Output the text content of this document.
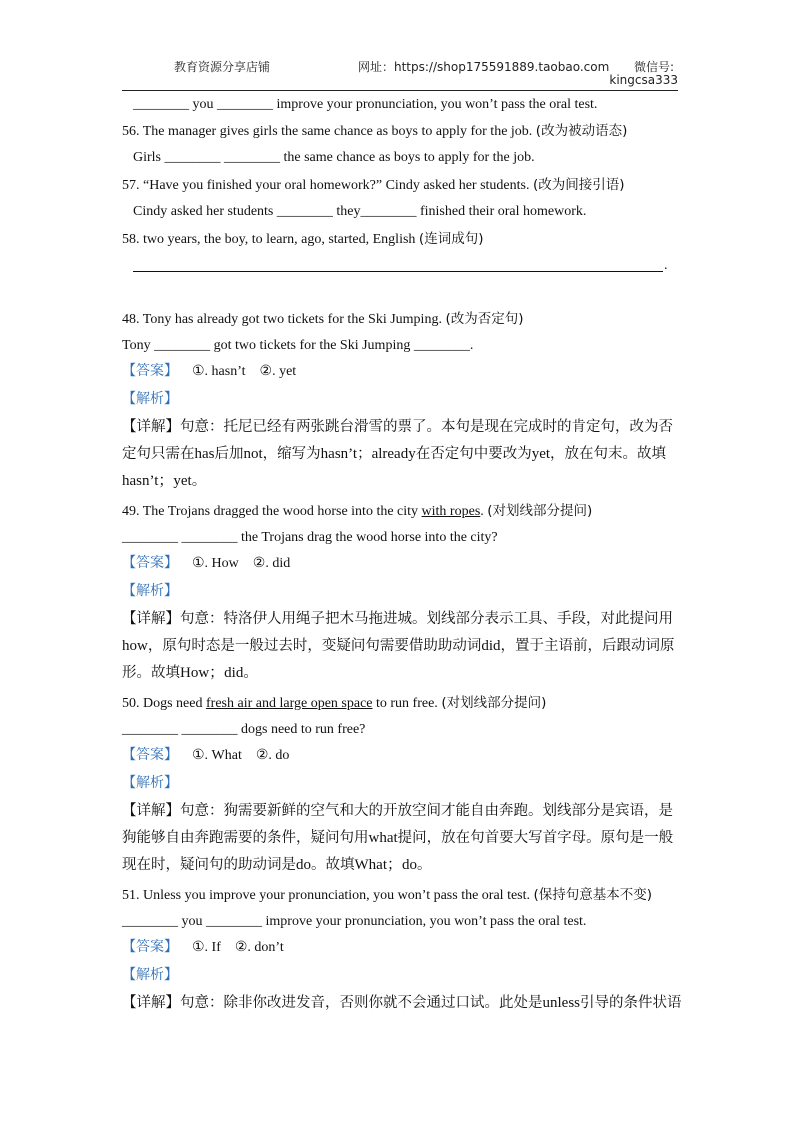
教育资源分享店铺	网址：https://shop175591889.taobao.com 微信号:
kingcsa333
________ you ________ improve your pronunciation, you won’t pass the oral test.
56. The manager gives girls the same chance as boys to apply for the job. (改为被动语态)
Girls ________ ________ the same chance as boys to apply for the job.
57. “Have you finished your oral homework?” Cindy asked her students. (改为间接引语)
Cindy asked her students ________ they________ finished their oral homework.
58. two years, the boy, to learn, ago, started, English (连词成句)
.
48. Tony has already got two tickets for the Ski Jumping. (改为否定句)
Tony ________ got two tickets for the Ski Jumping ________.
【答案】 ①. hasn’t ②. yet
【解析】
【详解】句意：托尼已经有两张跳台滑雪的票了。本句是现在完成时的肯定句，改为否定句只需在has后加not，缩写为hasn’t；already在否定句中要改为yet，放在句末。故填
hasn’t；yet。
49. The Trojans dragged the wood horse into the city with ropes. (对划线部分提问)
________ ________ the Trojans drag the wood horse into the city?
【答案】 ①. How ②. did
【解析】
【详解】句意：特洛伊人用绳子把木马拖进城。划线部分表示工具、手段，对此提问用how，原句时态是一般过去时，变疑问句需要借助助动词did，置于主语前，后跟动词原形。故填How；did。
50. Dogs need fresh air and large open space to run free. (对划线部分提问)
________ ________ dogs need to run free?
【答案】 ①. What ②. do
【解析】
【详解】句意：狗需要新鲜的空气和大的开放空间才能自由奔跑。划线部分是宾语，是狗能够自由奔跑需要的条件，疑问句用what提问，放在句首要大写首字母。原句是一般现在时，疑问句的助动词是do。故填What；do。
51. Unless you improve your pronunciation, you won’t pass the oral test. (保持句意基本不变)
________ you ________ improve your pronunciation, you won’t pass the oral test.
【答案】 ①. If ②. don’t
【解析】
【详解】句意：除非你改进发音，否则你就不会通过口试。此处是unless引导的条件状语
